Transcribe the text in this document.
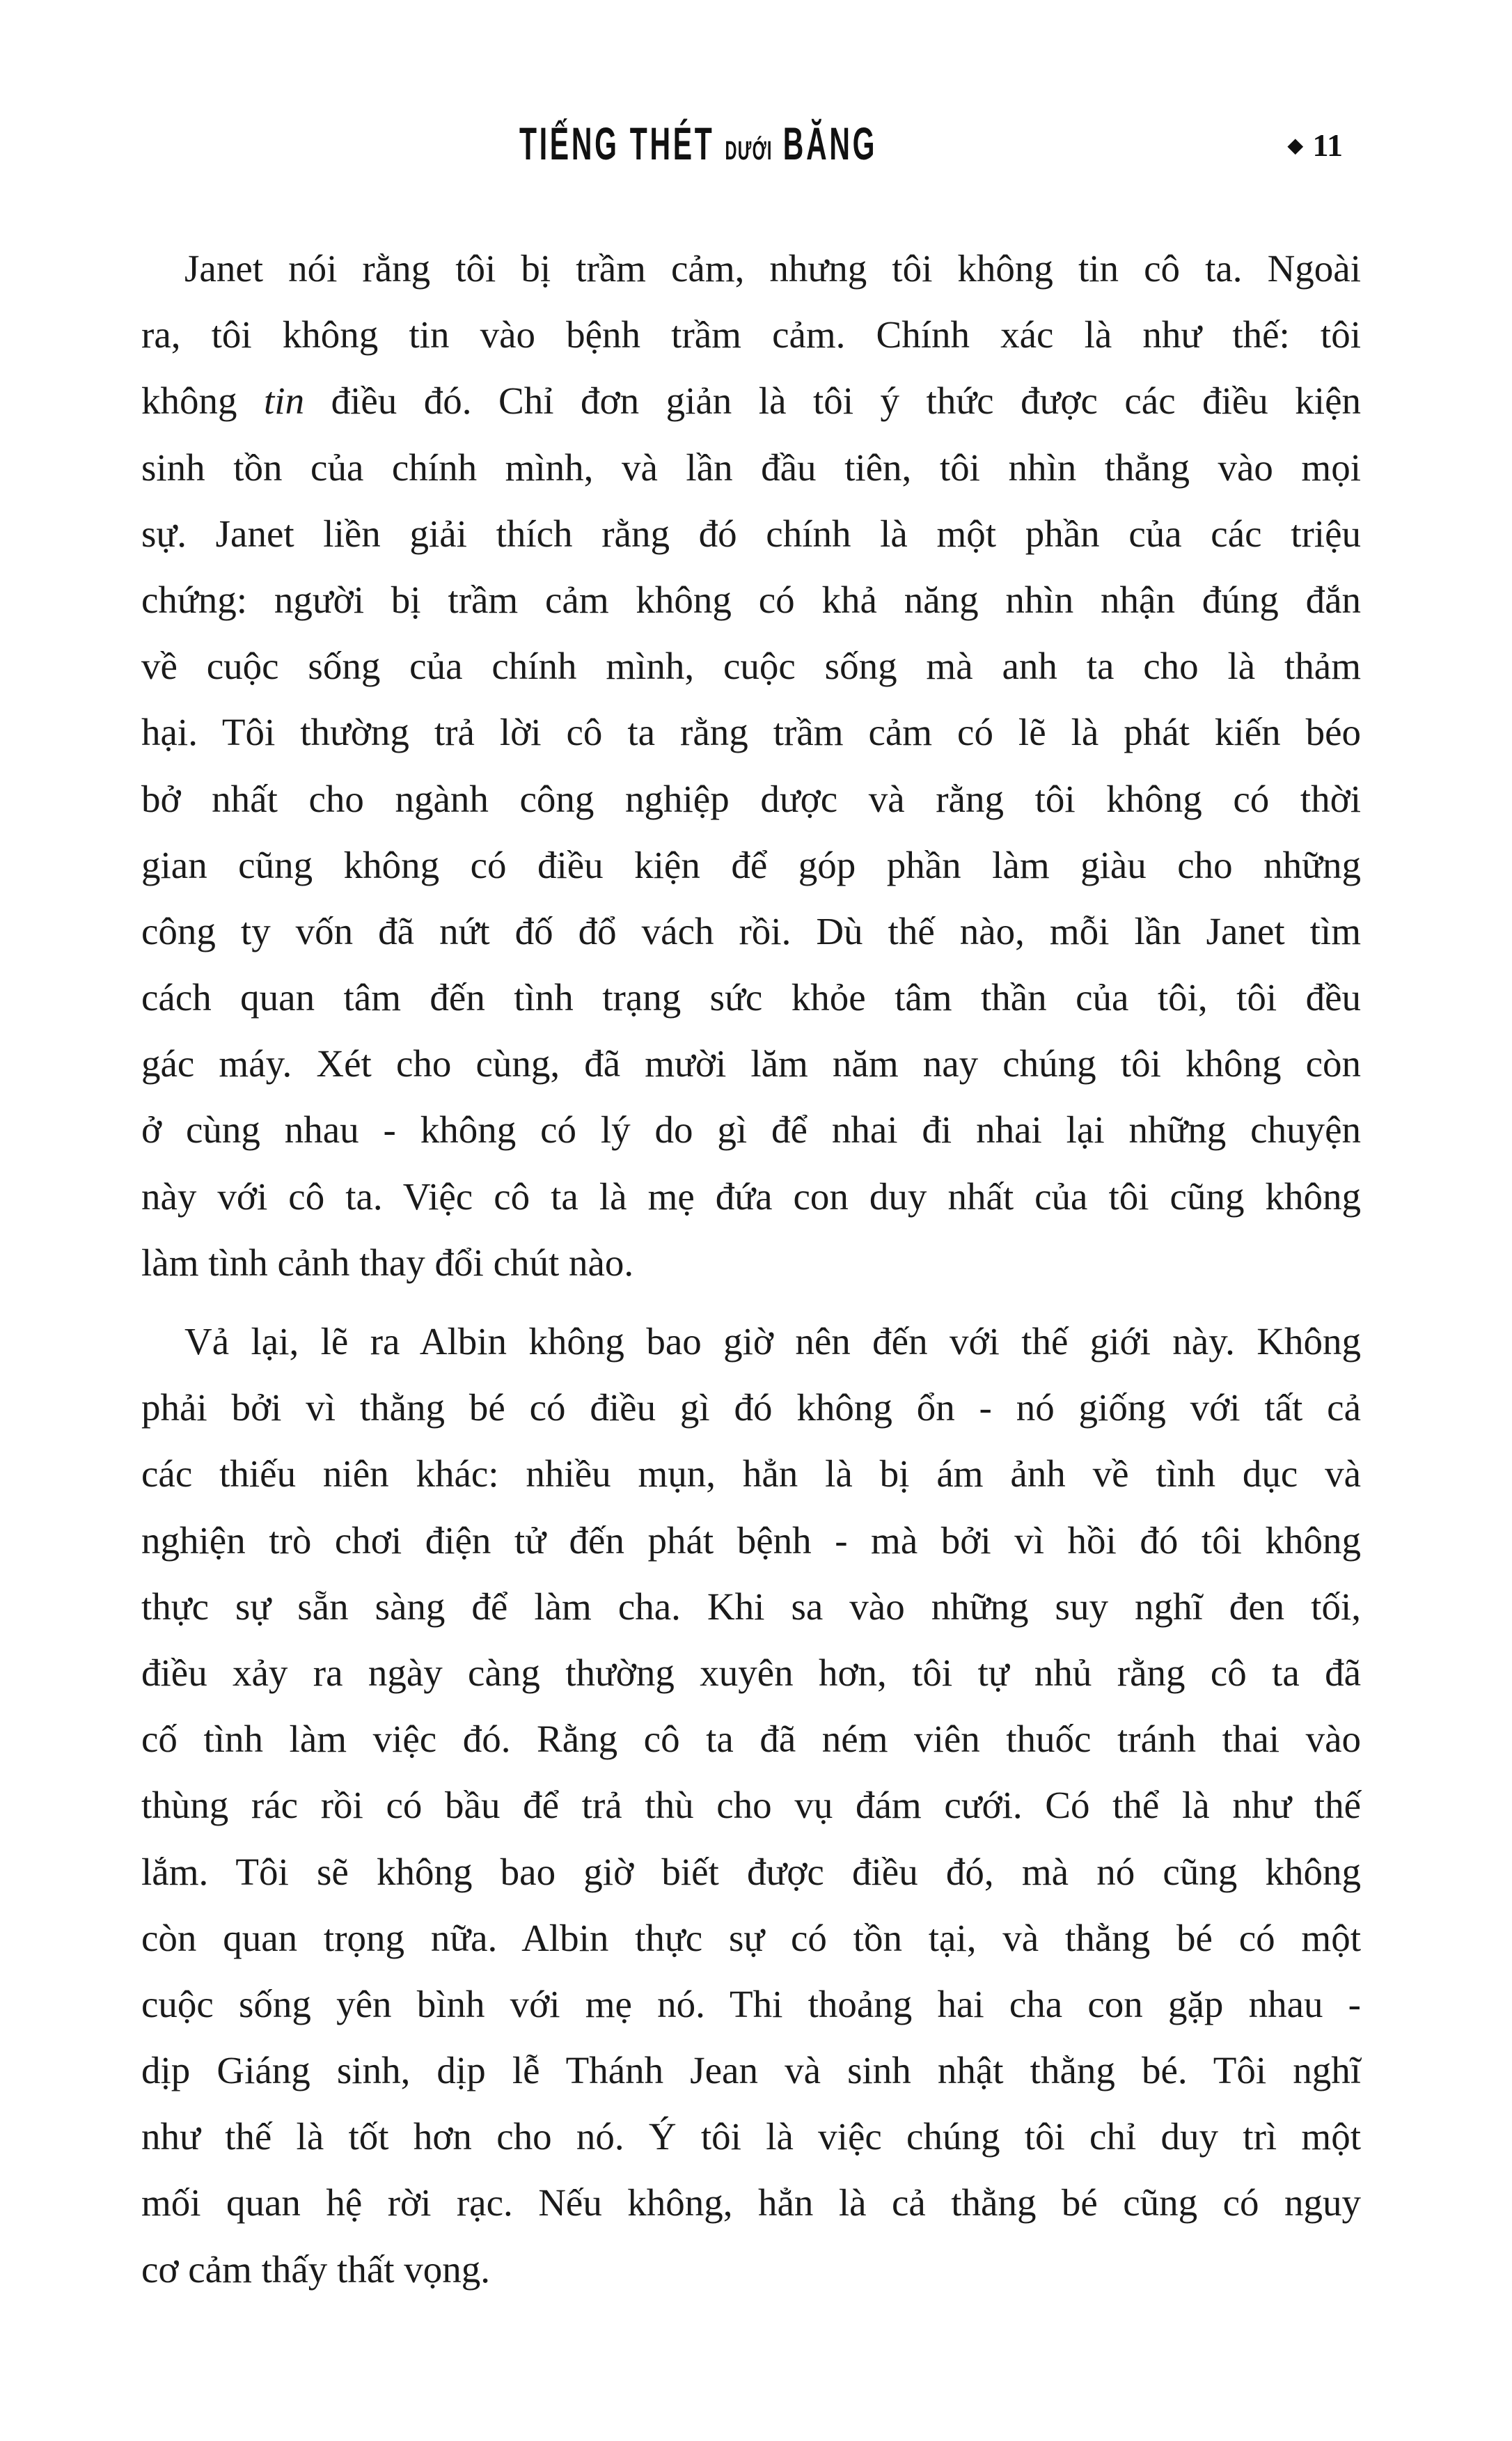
TIẾNG THÉT DƯỚI BĂNG	◆ 11
Janet nói rằng tôi bị trầm cảm, nhưng tôi không tin cô ta. Ngoài
ra, tôi không tin vào bệnh trầm cảm. Chính xác là như thế: tôi
không tin điều đó. Chỉ đơn giản là tôi ý thức được các điều kiện
sinh tồn của chính mình, và lần đầu tiên, tôi nhìn thẳng vào mọi
sự. Janet liền giải thích rằng đó chính là một phần của các triệu
chứng: người bị trầm cảm không có khả năng nhìn nhận đúng đắn
về cuộc sống của chính mình, cuộc sống mà anh ta cho là thảm
hại. Tôi thường trả lời cô ta rằng trầm cảm có lẽ là phát kiến béo
bở nhất cho ngành công nghiệp dược và rằng tôi không có thời
gian cũng không có điều kiện để góp phần làm giàu cho những
công ty vốn đã nứt đố đổ vách rồi. Dù thế nào, mỗi lần Janet tìm
cách quan tâm đến tình trạng sức khỏe tâm thần của tôi, tôi đều
gác máy. Xét cho cùng, đã mười lăm năm nay chúng tôi không còn
ở cùng nhau - không có lý do gì để nhai đi nhai lại những chuyện
này với cô ta. Việc cô ta là mẹ đứa con duy nhất của tôi cũng không
làm tình cảnh thay đổi chút nào.
Vả lại, lẽ ra Albin không bao giờ nên đến với thế giới này. Không
phải bởi vì thằng bé có điều gì đó không ổn - nó giống với tất cả
các thiếu niên khác: nhiều mụn, hẳn là bị ám ảnh về tình dục và
nghiện trò chơi điện tử đến phát bệnh - mà bởi vì hồi đó tôi không
thực sự sẵn sàng để làm cha. Khi sa vào những suy nghĩ đen tối,
điều xảy ra ngày càng thường xuyên hơn, tôi tự nhủ rằng cô ta đã
cố tình làm việc đó. Rằng cô ta đã ném viên thuốc tránh thai vào
thùng rác rồi có bầu để trả thù cho vụ đám cưới. Có thể là như thế
lắm. Tôi sẽ không bao giờ biết được điều đó, mà nó cũng không
còn quan trọng nữa. Albin thực sự có tồn tại, và thằng bé có một
cuộc sống yên bình với mẹ nó. Thi thoảng hai cha con gặp nhau -
dịp Giáng sinh, dịp lễ Thánh Jean và sinh nhật thằng bé. Tôi nghĩ
như thế là tốt hơn cho nó. Ý tôi là việc chúng tôi chỉ duy trì một
mối quan hệ rời rạc. Nếu không, hẳn là cả thằng bé cũng có nguy
cơ cảm thấy thất vọng.
